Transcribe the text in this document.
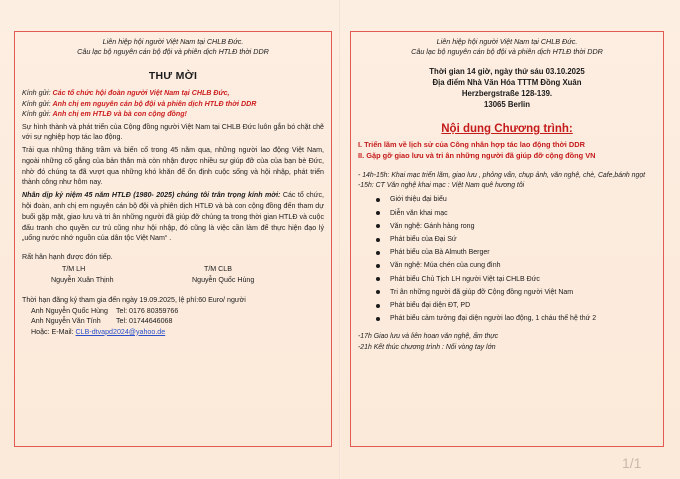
Liên hiệp hội người Việt Nam tại CHLB Đức.
Câu lạc bộ nguyên cán bộ đội và phiên dịch HTLĐ thời DDR
THƯ MỜI
Kính gửi: Các tổ chức hội đoàn người Việt Nam tại CHLB Đức,
Kính gửi: Anh chị em nguyên cán bộ đội và phiên dịch HTLĐ thời DDR
Kính gửi: Anh chị em HTLĐ và bà con cộng đồng!
Sự hình thành và phát triển của Cộng đồng người Việt Nam tại CHLB Đức luôn gắn bó chặt chẽ với sự nghiệp hợp tác lao động.
Trải qua những thăng trầm và biến cố trong 45 năm qua, những người lao động Việt Nam, ngoài những cố gắng của bản thân mà còn nhận được nhiều sự giúp đỡ của của bạn bè Đức, nhờ đó chúng ta đã vượt qua những khó khăn để ổn định cuộc sống và hội nhập, phát triển thành công như hôm nay.
Nhân dịp kỷ niệm 45 năm HTLĐ (1980- 2025) chúng tôi trân trọng kính mời: Các tổ chức, hội đoàn, anh chị em nguyên cán bộ đội và phiên dịch HTLĐ và bà con cộng đồng đến tham dự buổi gặp mặt, giao lưu và tri ân những người đã giúp đỡ chúng ta trong thời gian HTLĐ và cuộc đấu tranh cho quyền cư trú cũng như hội nhập, đó cũng là việc cần làm để thực hiện đạo lý „uống nước nhớ nguồn của dân tộc Việt Nam“ .
Rất hân hạnh được đón tiếp.
T/M LH	T/M CLB
Nguyễn Xuân Thịnh	Nguyễn Quốc Hùng
Thời hạn đăng ký tham gia đến ngày 19.09.2025, lệ phí:60 Euro/ người
Anh Nguyễn Quốc Hùng Tel: 0176 80359766
Anh Nguyễn Văn Tính Tel: 01744646068
Hoặc: E-Mail: CLB-dtvapd2024@yahoo.de
Liên hiệp hội người Việt Nam tại CHLB Đức.
Câu lạc bộ nguyên cán bộ đội và phiên dịch HTLĐ thời DDR
Thời gian 14 giờ, ngày thứ sáu 03.10.2025
Địa điểm Nhà Văn Hóa TTTM Đồng Xuân
Herzbergstraße 128-139.
13065 Berlin
Nội dung Chương trình:
I. Triển lãm về lịch sử của Công nhân hợp tác lao động thời DDR
II. Gặp gỡ giao lưu và tri ân những người đã giúp đỡ cộng đồng VN
- 14h-15h: Khai mạc triển lãm, giao lưu , phỏng vấn, chụp ảnh, văn nghệ, chè, Cafe,bánh ngọt
-15h: CT Văn nghệ khai mạc : Việt Nam quê hương tôi
Giới thiệu đại biểu
Diễn văn khai mạc
Văn nghệ: Gánh hàng rong
Phát biểu của Đại Sứ
Phát biểu của Bà Almuth Berger
Văn nghệ: Múa chén của cung đình
Phát biểu Chủ Tịch LH người Việt tại CHLB Đức
Tri ân những người đã giúp đỡ Cộng đồng người Việt Nam
Phát biểu đại diện ĐT, PD
Phát biểu cảm tưởng đại diện người lao động, 1 cháu thế hệ thứ 2
-17h Giao lưu và liên hoan văn nghệ, ẩm thực
-21h Kết thúc chương trình : Nối vòng tay lớn
1/1
